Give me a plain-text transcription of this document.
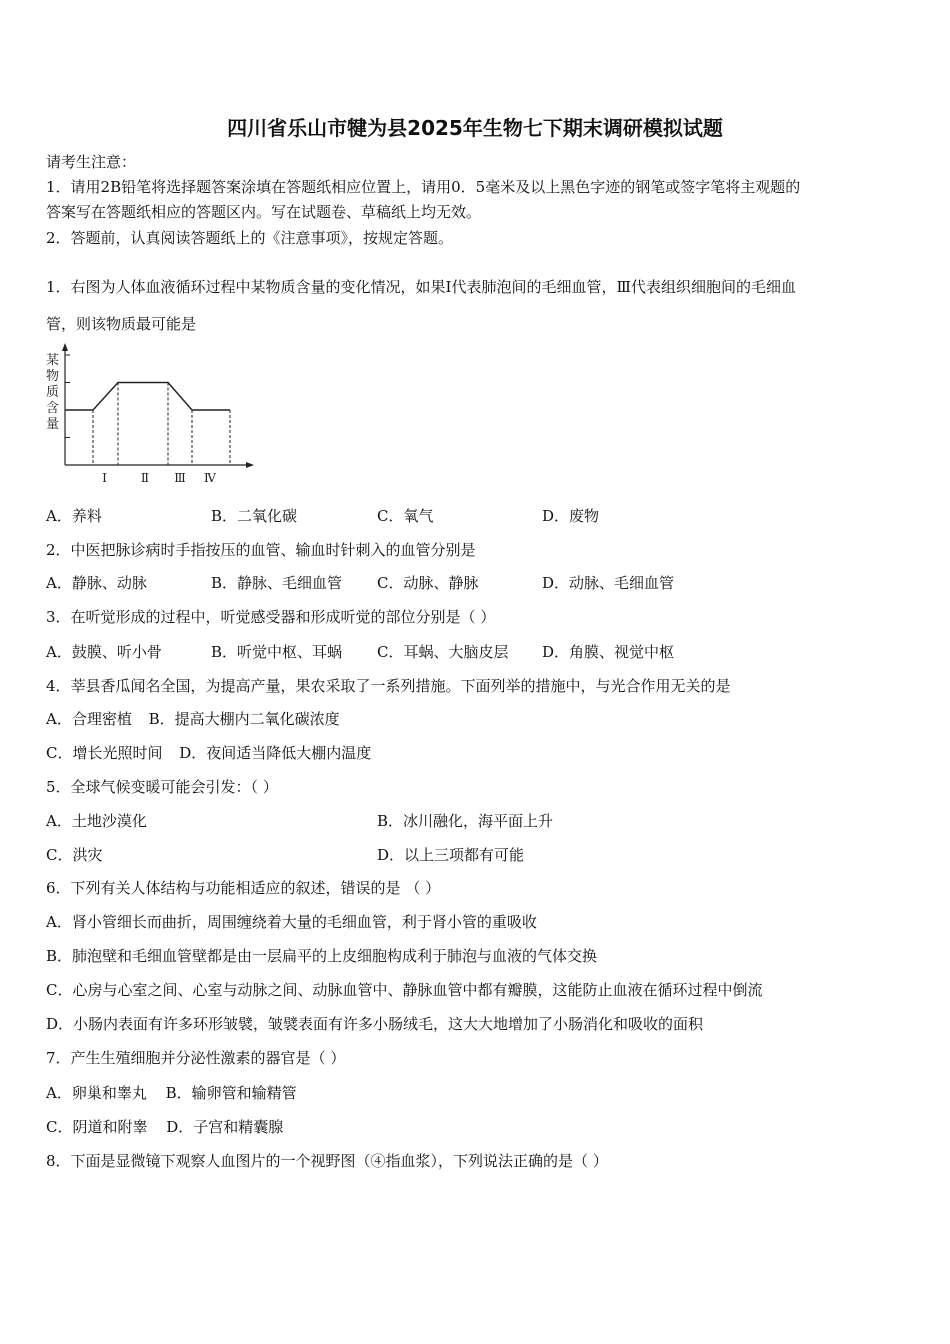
四川省乐山市犍为县2025年生物七下期末调研模拟试题
请考生注意：
1．请用2B铅笔将选择题答案涂填在答题纸相应位置上，请用0．5毫米及以上黑色字迹的钢笔或签字笔将主观题的
答案写在答题纸相应的答题区内。写在试题卷、草稿纸上均无效。
2．答题前，认真阅读答题纸上的《注意事项》，按规定答题。
1．右图为人体血液循环过程中某物质含量的变化情况，如果Ⅰ代表肺泡间的毛细血管，Ⅲ代表组织细胞间的毛细血
管，则该物质最可能是
某物质含量
Ⅰ	Ⅱ Ⅲ Ⅳ
A．养料	B．二氧化碳	C．氧气	D．废物
2．中医把脉诊病时手指按压的血管、输血时针刺入的血管分别是
A．静脉、动脉	B．静脉、毛细血管 C．动脉、静脉	D．动脉、毛细血管
3．在听觉形成的过程中，听觉感受器和形成听觉的部位分别是（ ）
A．鼓膜、听小骨	B．听觉中枢、耳蜗 C．耳蜗、大脑皮层 D．角膜、视觉中枢
4．莘县香瓜闻名全国，为提高产量，果农采取了一系列措施。下面列举的措施中，与光合作用无关的是
A．合理密植 B．提高大棚内二氧化碳浓度
C．增长光照时间 D．夜间适当降低大棚内温度
5．全球气候变暖可能会引发：（ ）
A．土地沙漠化	B．冰川融化，海平面上升
C．洪灾	D．以上三项都有可能
6．下列有关人体结构与功能相适应的叙述，错误的是 （ ）
A．肾小管细长而曲折，周围缠绕着大量的毛细血管，利于肾小管的重吸收
B．肺泡壁和毛细血管壁都是由一层扁平的上皮细胞构成利于肺泡与血液的气体交换
C．心房与心室之间、心室与动脉之间、动脉血管中、静脉血管中都有瓣膜，这能防止血液在循环过程中倒流
D．小肠内表面有许多环形皱襞，皱襞表面有许多小肠绒毛，这大大地增加了小肠消化和吸收的面积
7．产生生殖细胞并分泌性激素的器官是（ ）
A．卵巢和睾丸 B．输卵管和输精管
C．阴道和附睾 D．子宫和精囊腺
8．下面是显微镜下观察人血图片的一个视野图（④指血浆），下列说法正确的是（ ）
